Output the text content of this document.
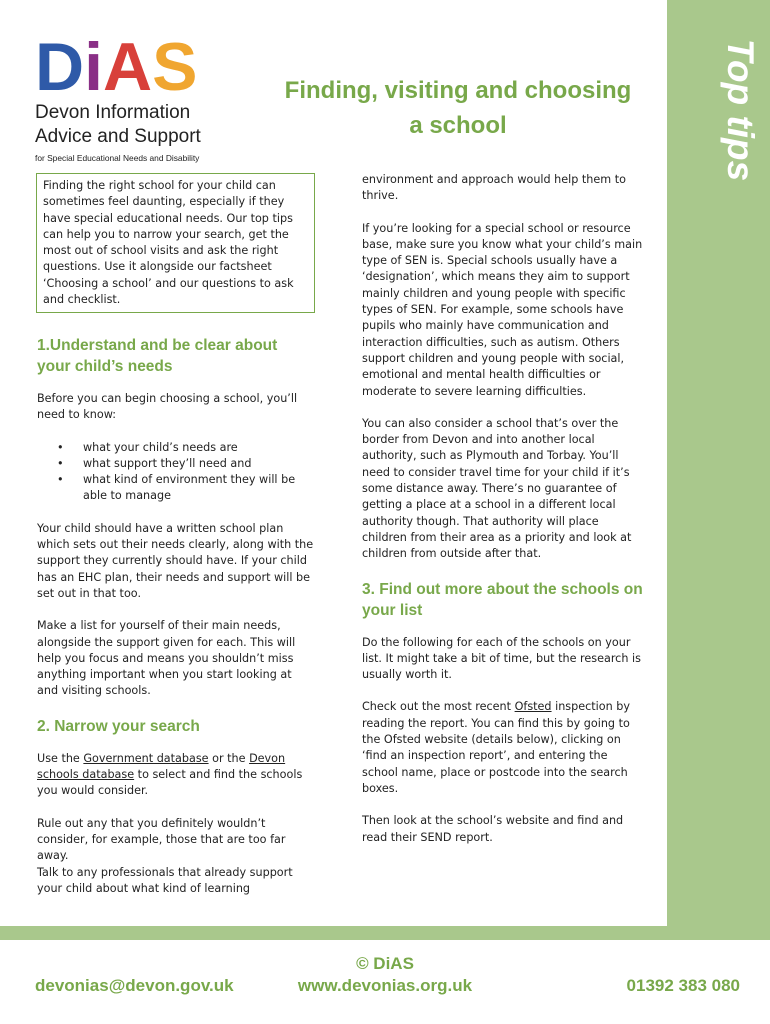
Top tips
D i A S
Devon Information
Advice and Support
for Special Educational Needs and Disability
Finding, visiting and choosing
a school
Finding the right school for your child can sometimes feel daunting, especially if they have special educational needs. Our top tips can help you to narrow your search, get the most out of school visits and ask the right questions. Use it alongside our factsheet ‘Choosing a school’ and our questions to ask and checklist.
1.Understand and be clear about your child’s needs

Before you can begin choosing a school, you’ll need to know:

• what your child’s needs are
• what support they’ll need and
• what kind of environment they will be able to manage

Your child should have a written school plan which sets out their needs clearly, along with the support they currently should have. If your child has an EHC plan, their needs and support will be set out in that too.

Make a list for yourself of their main needs, alongside the support given for each. This will help you focus and means you shouldn’t miss anything important when you start looking at and visiting schools.

2. Narrow your search

Use the Government database or the Devon schools database to select and find the schools you would consider.

Rule out any that you definitely wouldn’t consider, for example, those that are too far away.

Talk to any professionals that already support your child about what kind of learning

environment and approach would help them to thrive.

If you’re looking for a special school or resource base, make sure you know what your child’s main type of SEN is. Special schools usually have a ‘designation’, which means they aim to support mainly children and young people with specific types of SEN. For example, some schools have pupils who mainly have communication and interaction difficulties, such as autism. Others support children and young people with social, emotional and mental health difficulties or moderate to severe learning difficulties.

You can also consider a school that’s over the border from Devon and into another local authority, such as Plymouth and Torbay. You’ll need to consider travel time for your child if it’s some distance away. There’s no guarantee of getting a place at a school in a different local authority though. That authority will place children from their area as a priority and look at children from outside after that.

3. Find out more about the schools on your list

Do the following for each of the schools on your list. It might take a bit of time, but the research is usually worth it.

Check out the most recent Ofsted inspection by reading the report. You can find this by going to the Ofsted website (details below), clicking on ‘find an inspection report’, and entering the school name, place or postcode into the search boxes.

Then look at the school’s website and find and read their SEND report.

devonias@devon.gov.uk
© DiAS
www.devonias.org.uk	01392 383 080
